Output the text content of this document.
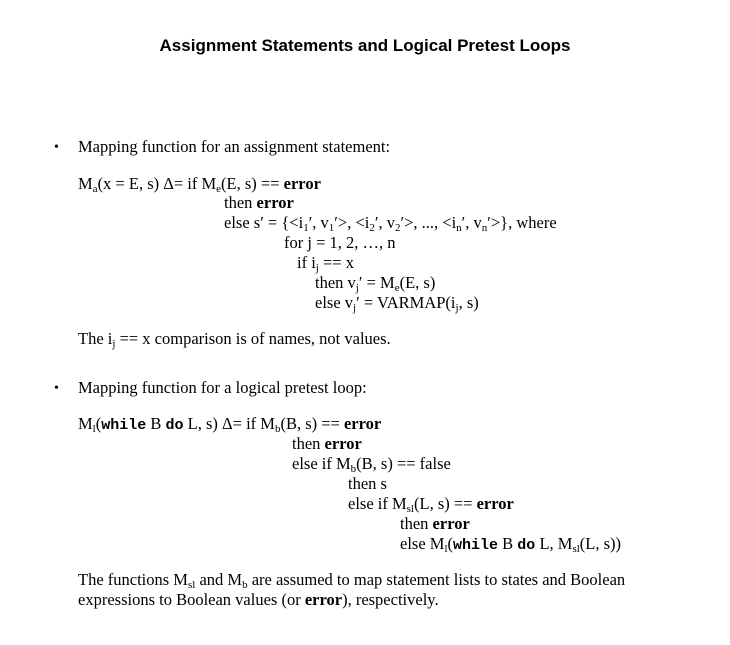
Assignment Statements and Logical Pretest Loops
• Mapping function for an assignment statement:
$M_a(x = E$, s) Δ= if $M_e(E$, s) == error
then error
else $s' = \{<i_1'$, $v_1'>$, $<i_2'$, $v_2'>$, ..., $<i_n'$, $v_n'>$}, where
for j = 1, 2, …, n
if $i_j == x$
then $v_j' = M_e(E$, s)
else $v_j'$ = $VARMAP(i_j$, s)
The $i_j == x$ comparison is of names, not values.
• Mapping function for a logical pretest loop:
$M_l(while$ B do L, s) Δ= if $M_b(B$, s) == error
then error
else if $M_b(B$, s) == false
then s
else if $M_{sl}(L$, s) == error
then error
else $M_l(while$ B do L, $M_{sl}(L$, s))
The functions $M_{sl}$ and $M_b$ are assumed to map statement lists to states and Boolean expressions to Boolean values (or error), respectively.
